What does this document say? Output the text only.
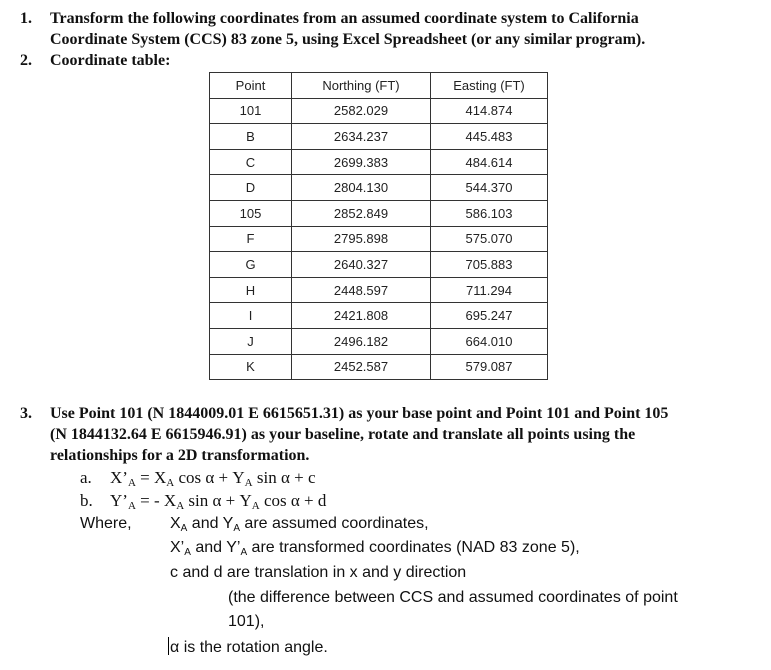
1. Transform the following coordinates from an assumed coordinate system to California
Coordinate System (CCS) 83 zone 5, using Excel Spreadsheet (or any similar program).
2. Coordinate table:
Point	Northing (FT)	Easting (FT)
101	2582.029	414.874
B	2634.237	445.483
C	2699.383	484.614
D	2804.130	544.370
105	2852.849	586.103
F	2795.898	575.070
G	2640.327	705.883
H	2448.597	711.294
I	2421.808	695.247
J	2496.182	664.010
K	2452.587	579.087
3. Use Point 101 (N 1844009.01 E 6615651.31) as your base point and Point 101 and Point 105
(N 1844132.64 E 6615946.91) as your baseline, rotate and translate all points using the
relationships for a 2D transformation.
a. $X’_A = X_A$ $\cos \alpha + Y_A$ sin α + c
b. $Y’_A$ = - $X_A$ $\sin \alpha + Y_A$ cos α + d
Where, XA and YA are assumed coordinates,
X’A and Y’A are transformed coordinates (NAD 83 zone 5),
c and d are translation in x and y direction
(the difference between CCS and assumed coordinates of point
101),
α is the rotation angle.
